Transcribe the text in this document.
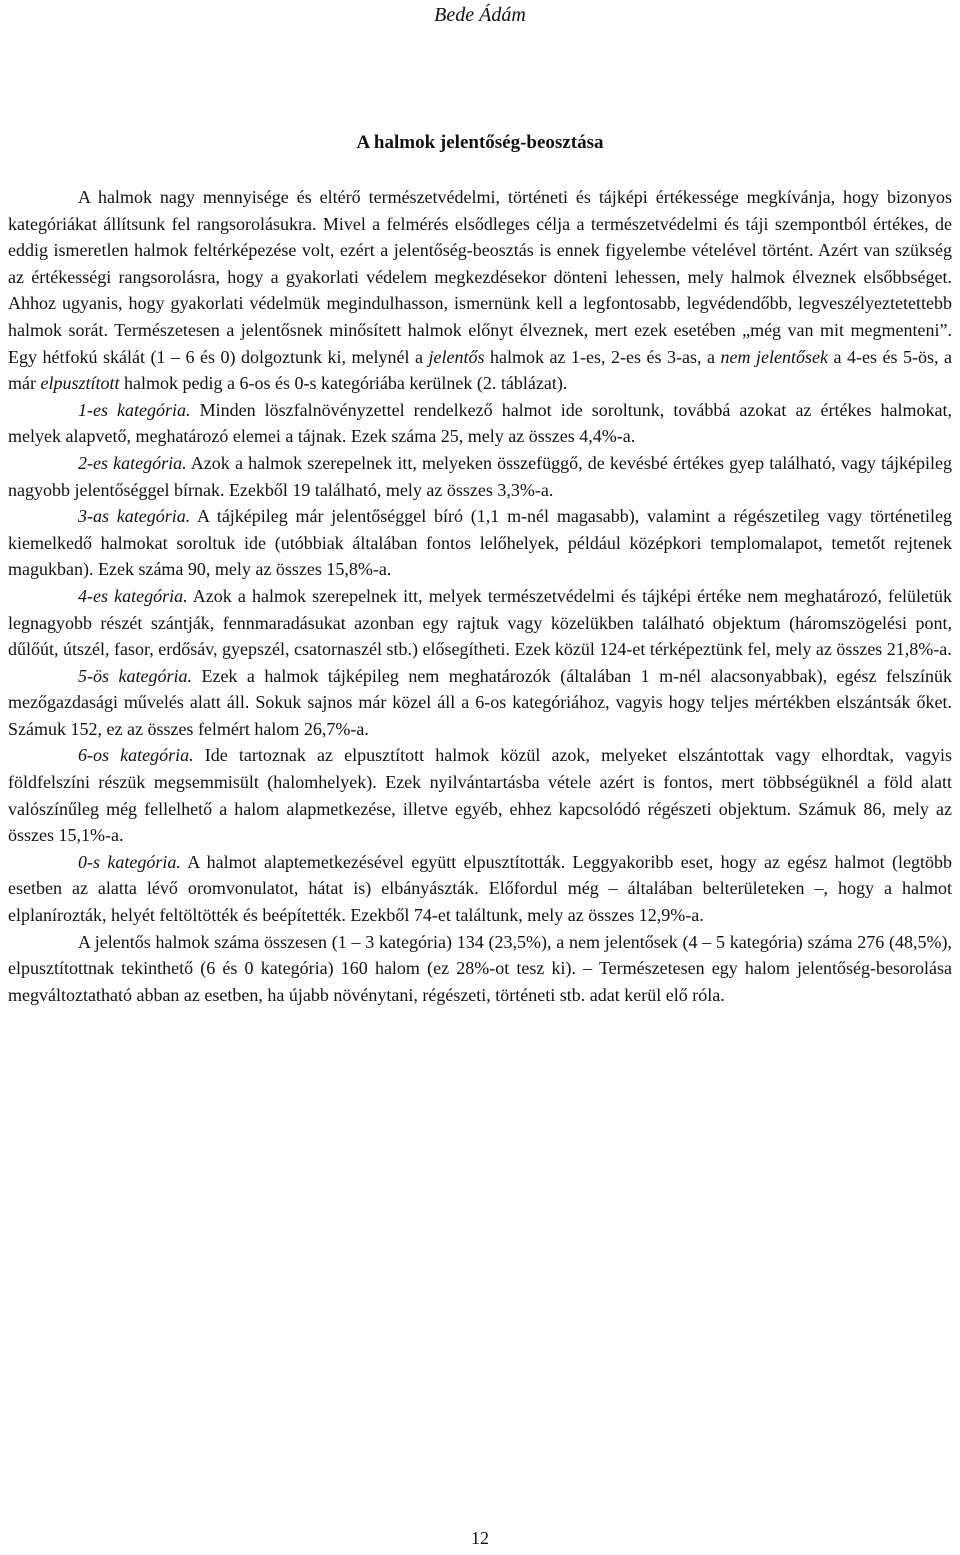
Bede Ádám
A halmok jelentőség-beosztása

A halmok nagy mennyisége és eltérő természetvédelmi, történeti és tájképi értékessége megkívánja, hogy bizonyos kategóriákat állítsunk fel rangsorolásukra. Mivel a felmérés elsődleges célja a természetvédelmi és táji szempontból értékes, de eddig ismeretlen halmok feltérképezése volt, ezért a jelentőség-beosztás is ennek figyelembe vételével történt. Azért van szükség az értékességi rangsorolásra, hogy a gyakorlati védelem megkezdésekor dönteni lehessen, mely halmok élveznek elsőbbséget. Ahhoz ugyanis, hogy gyakorlati védelmük megindulhasson, ismernünk kell a legfontosabb, legvédendőbb, legveszélyeztetettebb halmok sorát. Természetesen a jelentősnek minősített halmok előnyt élveznek, mert ezek esetében „még van mit megmenteni”. Egy hétfokú skálát (1 – 6 és 0) dolgoztunk ki, melynél a jelentős halmok az 1-es, 2-es és 3-as, a nem jelentősek a 4-es és 5-ös, a már elpusztított halmok pedig a 6-os és 0-s kategóriába kerülnek (2. táblázat).

1-es kategória. Minden löszfalnövényzettel rendelkező halmot ide soroltunk, továbbá azokat az értékes halmokat, melyek alapvető, meghatározó elemei a tájnak. Ezek száma 25, mely az összes 4,4%-a.

2-es kategória. Azok a halmok szerepelnek itt, melyeken összefüggő, de kevésbé értékes gyep található, vagy tájképileg nagyobb jelentőséggel bírnak. Ezekből 19 található, mely az összes 3,3%-a.

3-as kategória. A tájképileg már jelentőséggel bíró (1,1 m-nél magasabb), valamint a régészetileg vagy történetileg kiemelkedő halmokat soroltuk ide (utóbbiak általában fontos lelőhelyek, például középkori templomalapot, temetőt rejtenek magukban). Ezek száma 90, mely az összes 15,8%-a.

4-es kategória. Azok a halmok szerepelnek itt, melyek természetvédelmi és tájképi értéke nem meghatározó, felületük legnagyobb részét szántják, fennmaradásukat azonban egy rajtuk vagy közelükben található objektum (háromszögelési pont, dűlőút, útszél, fasor, erdősáv, gyepszél, csatornaszél stb.) elősegítheti. Ezek közül 124-et térképeztünk fel, mely az összes 21,8%-a.

5-ös kategória. Ezek a halmok tájképileg nem meghatározók (általában 1 m-nél alacsonyabbak), egész felszínük mezőgazdasági művelés alatt áll. Sokuk sajnos már közel áll a 6-os kategóriához, vagyis hogy teljes mértékben elszántsák őket. Számuk 152, ez az összes felmért halom 26,7%-a.

6-os kategória. Ide tartoznak az elpusztított halmok közül azok, melyeket elszántottak vagy elhordtak, vagyis földfelszíni részük megsemmisült (halomhelyek). Ezek nyilvántartásba vétele azért is fontos, mert többségüknél a föld alatt valószínűleg még fellelhető a halom alapmetkezése, illetve egyéb, ehhez kapcsolódó régészeti objektum. Számuk 86, mely az összes 15,1%-a.

0-s kategória. A halmot alaptemetkezésével együtt elpusztították. Leggyakoribb eset, hogy az egész halmot (legtöbb esetben az alatta lévő oromvonulatot, hátat is) elbányászták. Előfordul még – általában belterületeken –, hogy a halmot elplanírozták, helyét feltöltötték és beépítették. Ezekből 74-et találtunk, mely az összes 12,9%-a.

A jelentős halmok száma összesen (1 – 3 kategória) 134 (23,5%), a nem jelentősek (4 – 5 kategória) száma 276 (48,5%), elpusztítottnak tekinthető (6 és 0 kategória) 160 halom (ez 28%-ot tesz ki). – Természetesen egy halom jelentőség-besorolása megváltoztatható abban az esetben, ha újabb növénytani, régészeti, történeti stb. adat kerül elő róla.

12
